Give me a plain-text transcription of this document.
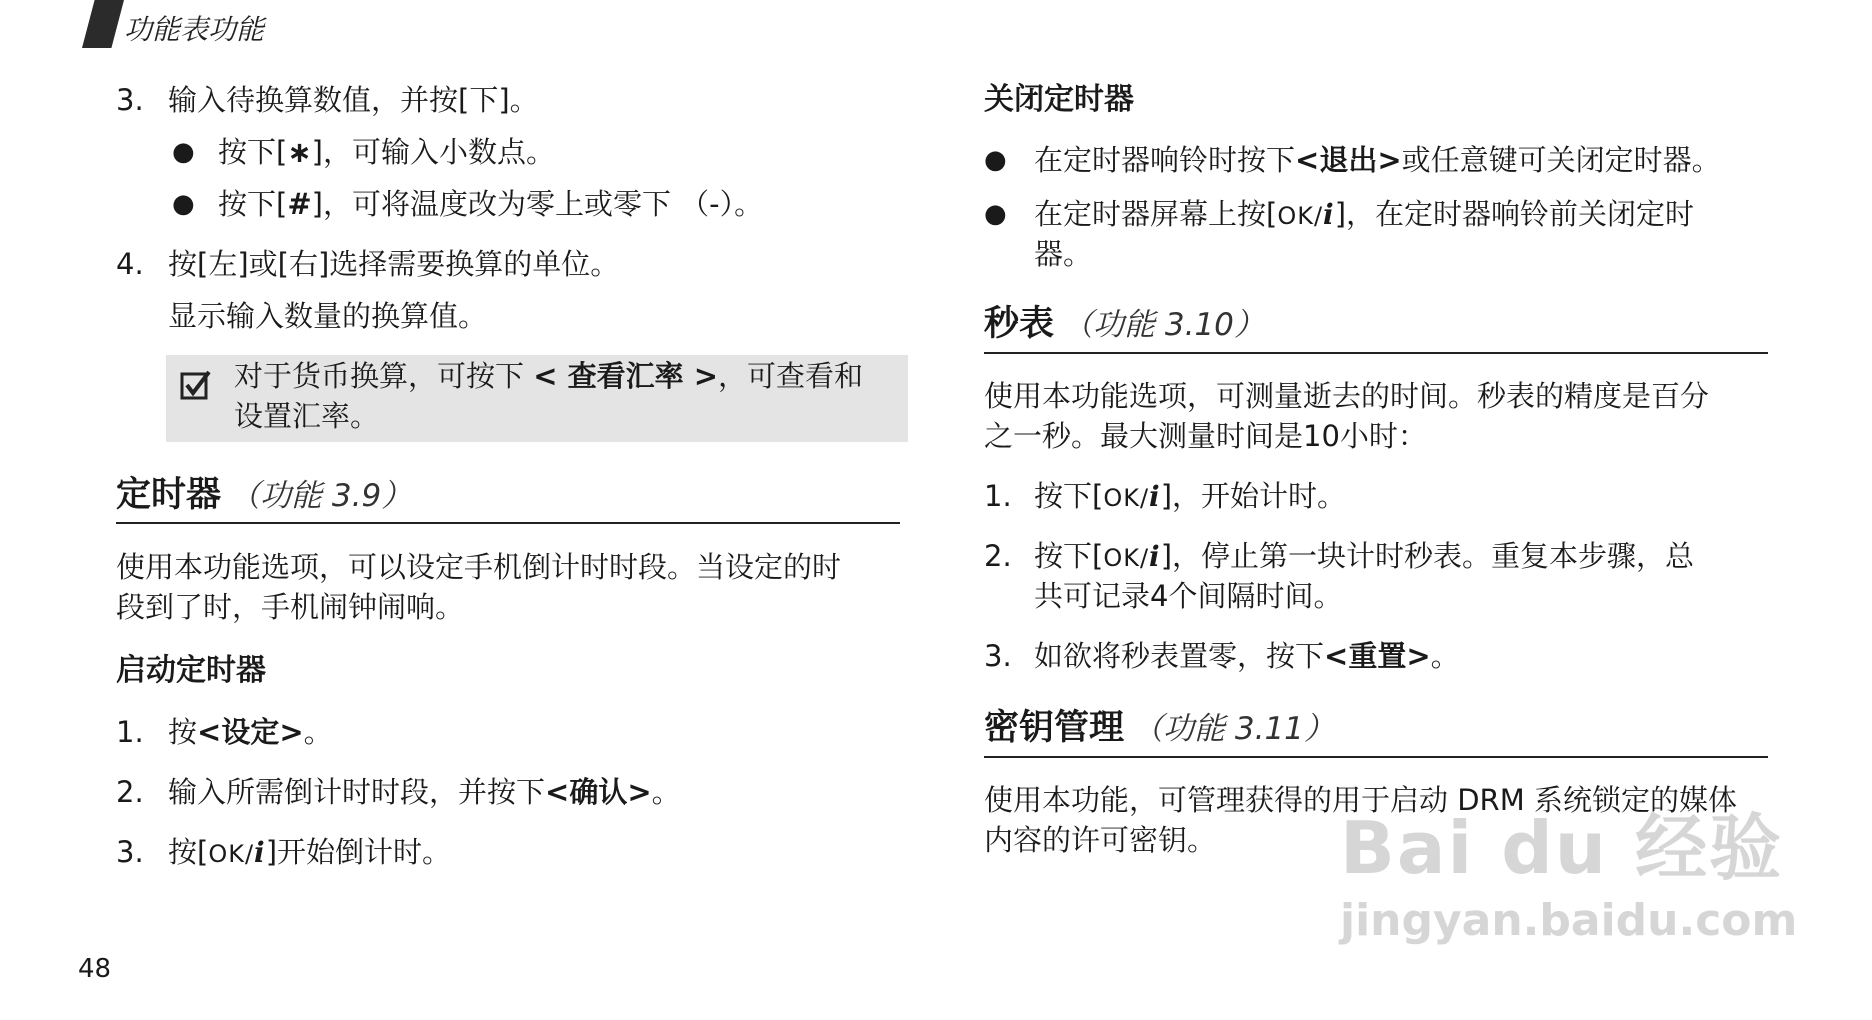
功能表功能
3. 输入待换算数值，并按[下]。
● 按下[∗]，可输入小数点。
● 按下[#]，可将温度改为零上或零下 （-）。
4. 按[左]或[右]选择需要换算的单位。
显示输入数量的换算值。
对于货币换算，可按下 < 查看汇率 >，可查看和
设置汇率。
定时器 （功能 3.9）
使用本功能选项，可以设定手机倒计时时段。当设定的时
段到了时，手机闹钟闹响。
启动定时器
1. 按<设定>。
2. 输入所需倒计时时段，并按下<确认>。
3. 按[OK/i]开始倒计时。
关闭定时器
● 在定时器响铃时按下<退出>或任意键可关闭定时器。
● 在定时器屏幕上按[OK/i]，在定时器响铃前关闭定时
器。
秒表 （功能 3.10）
使用本功能选项，可测量逝去的时间。秒表的精度是百分
之一秒。最大测量时间是10小时：
1. 按下[OK/i]，开始计时。
2. 按下[OK/i]，停止第一块计时秒表。重复本步骤，总
共可记录4个间隔时间。
3. 如欲将秒表置零，按下<重置>。
密钥管理 （功能 3.11）
使用本功能，可管理获得的用于启动 DRM 系统锁定的媒体
内容的许可密钥。 Bai du 经验
jingyan.baidu.com
48
